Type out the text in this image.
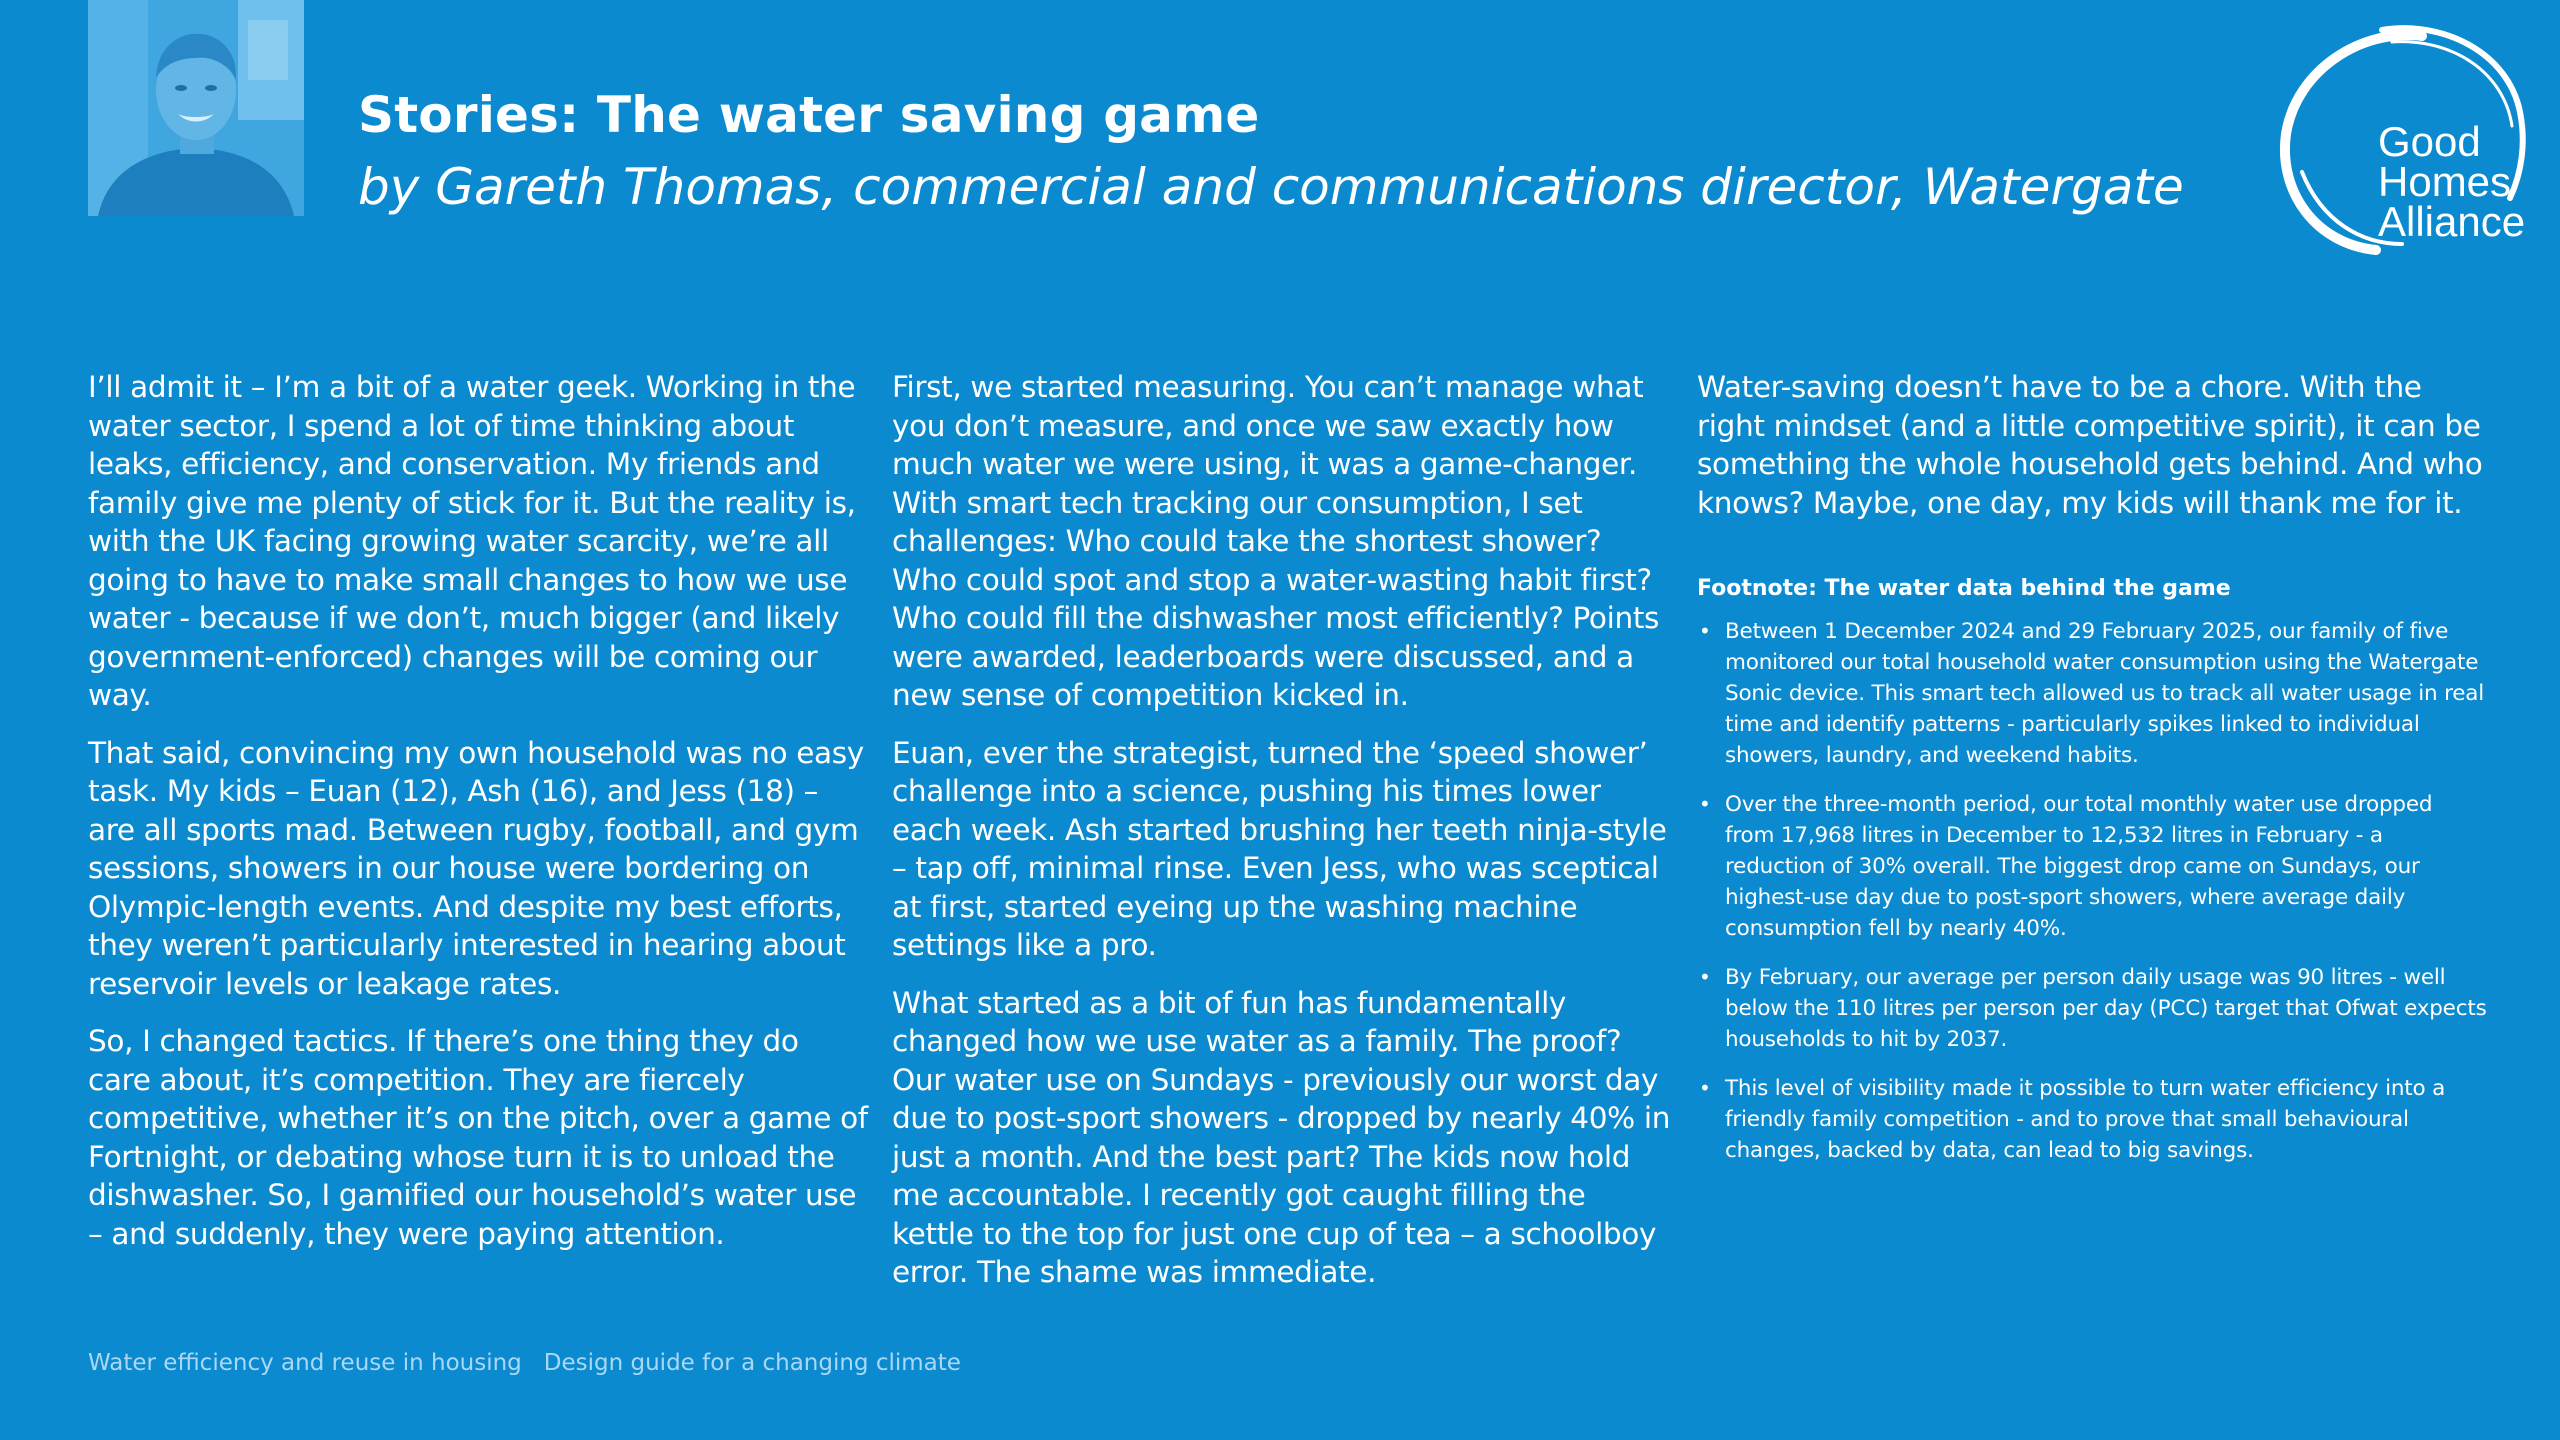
Stories: The water saving game
by Gareth Thomas, commercial and communications director, Watergate
Good
Homes
Alliance

I’ll admit it – I’m a bit of a water geek. Working in the water sector, I spend a lot of time thinking about leaks, efficiency, and conservation. My friends and family give me plenty of stick for it. But the reality is, with the UK facing growing water scarcity, we’re all going to have to make small changes to how we use water - because if we don’t, much bigger (and likely government-enforced) changes will be coming our way.

That said, convincing my own household was no easy task. My kids – Euan (12), Ash (16), and Jess (18) – are all sports mad. Between rugby, football, and gym sessions, showers in our house were bordering on Olympic-length events. And despite my best efforts, they weren’t particularly interested in hearing about reservoir levels or leakage rates.

So, I changed tactics. If there’s one thing they do care about, it’s competition. They are fiercely competitive, whether it’s on the pitch, over a game of Fortnight, or debating whose turn it is to unload the dishwasher. So, I gamified our household’s water use – and suddenly, they were paying attention.

First, we started measuring. You can’t manage what you don’t measure, and once we saw exactly how much water we were using, it was a game-changer. With smart tech tracking our consumption, I set challenges: Who could take the shortest shower? Who could spot and stop a water-wasting habit first? Who could fill the dishwasher most efficiently? Points were awarded, leaderboards were discussed, and a new sense of competition kicked in.

Euan, ever the strategist, turned the ‘speed shower’ challenge into a science, pushing his times lower each week. Ash started brushing her teeth ninja-style – tap off, minimal rinse. Even Jess, who was sceptical at first, started eyeing up the washing machine settings like a pro.

What started as a bit of fun has fundamentally changed how we use water as a family. The proof? Our water use on Sundays - previously our worst day due to post-sport showers - dropped by nearly 40% in just a month. And the best part? The kids now hold me accountable. I recently got caught filling the kettle to the top for just one cup of tea – a schoolboy error. The shame was immediate.

Water-saving doesn’t have to be a chore. With the right mindset (and a little competitive spirit), it can be something the whole household gets behind. And who knows? Maybe, one day, my kids will thank me for it.

Footnote: The water data behind the game
• Between 1 December 2024 and 29 February 2025, our family of five monitored our total household water consumption using the Watergate Sonic device. This smart tech allowed us to track all water usage in real time and identify patterns - particularly spikes linked to individual showers, laundry, and weekend habits.
• Over the three-month period, our total monthly water use dropped from 17,968 litres in December to 12,532 litres in February - a reduction of 30% overall. The biggest drop came on Sundays, our highest-use day due to post-sport showers, where average daily consumption fell by nearly 40%.
• By February, our average per person daily usage was 90 litres - well below the 110 litres per person per day (PCC) target that Ofwat expects households to hit by 2037.
• This level of visibility made it possible to turn water efficiency into a friendly family competition - and to prove that small behavioural changes, backed by data, can lead to big savings.
Water efficiency and reuse in housing Design guide for a changing climate
